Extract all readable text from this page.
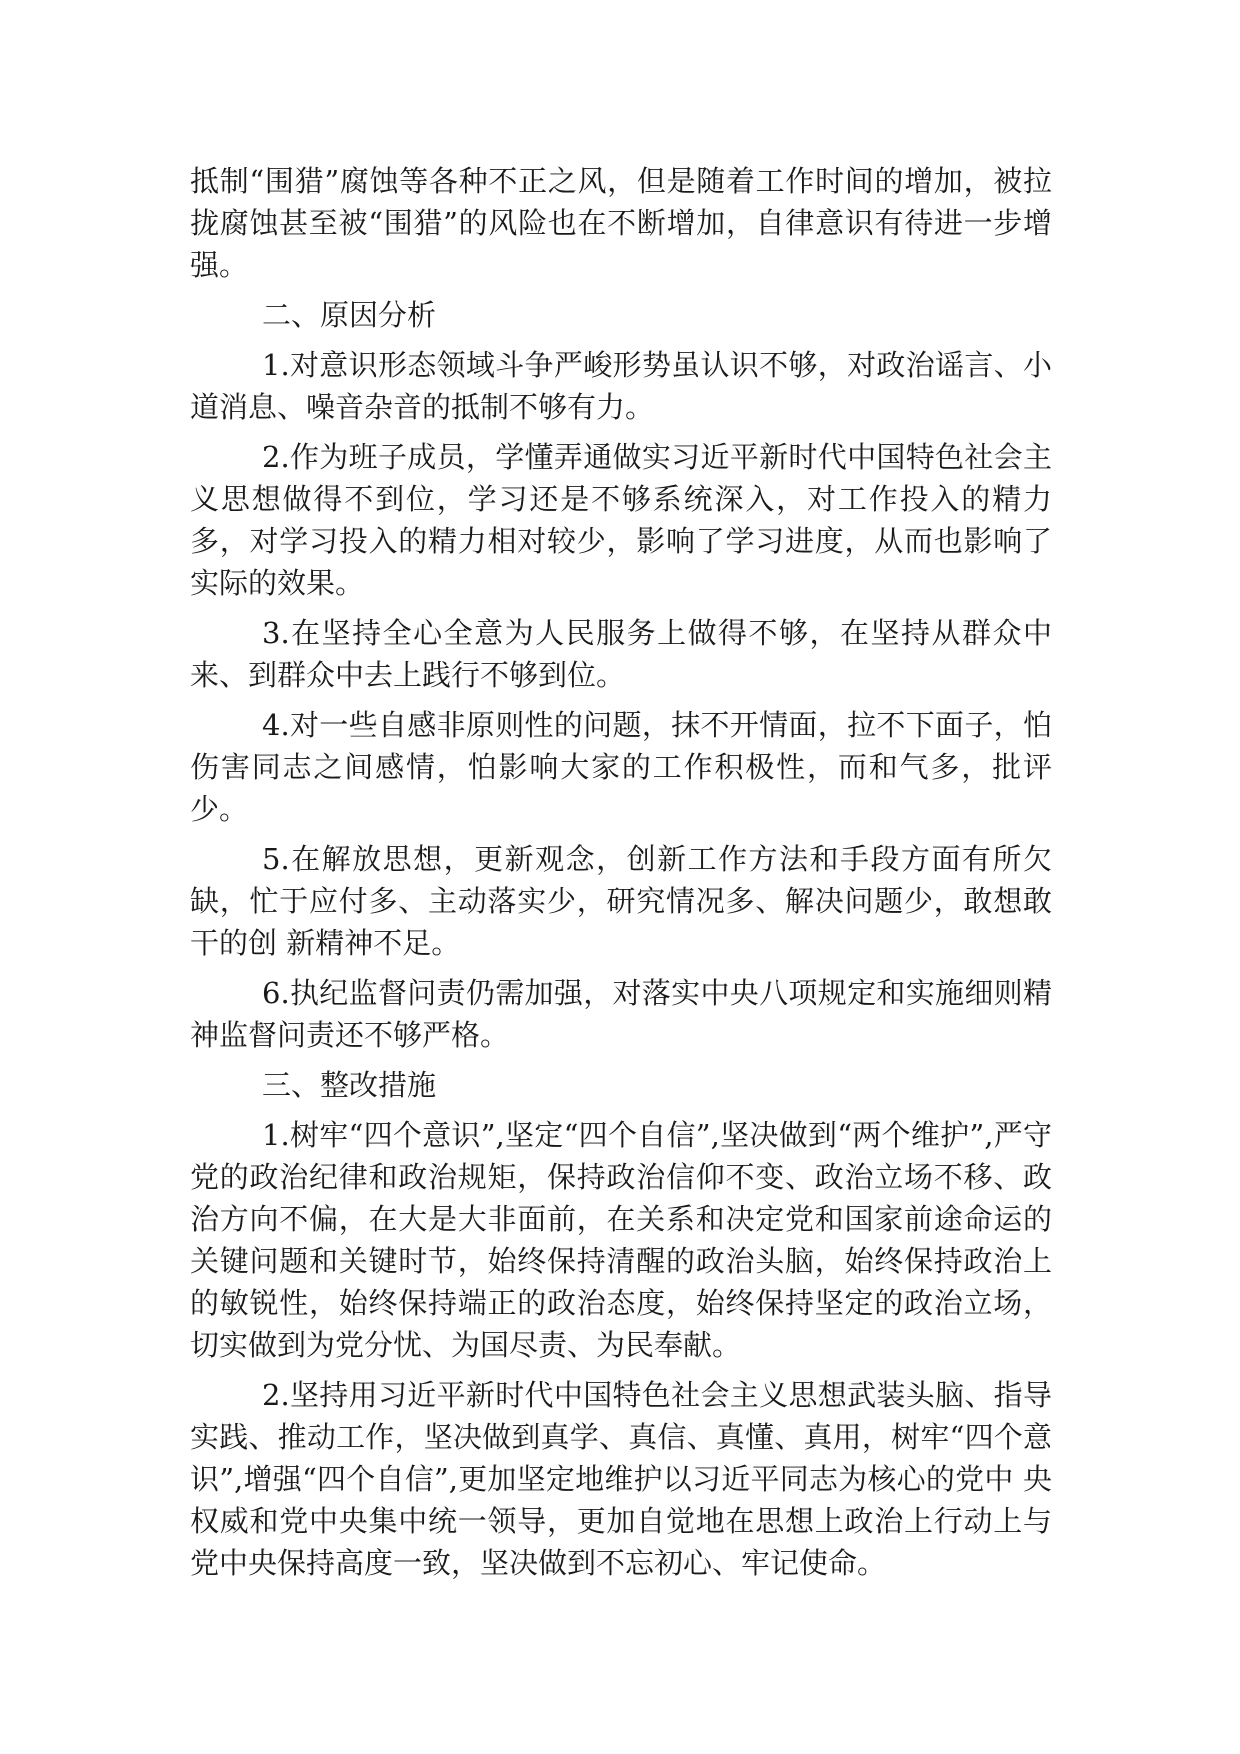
抵制“围猎”腐蚀等各种不正之风，但是随着工作时间的增加，被拉拢腐蚀甚至被“围猎”的风险也在不断增加，自律意识有待进一步增强。

二、原因分析

1.对意识形态领域斗争严峻形势虽认识不够，对政治谣言、小道消息、噪音杂音的抵制不够有力。

2.作为班子成员，学懂弄通做实习近平新时代中国特色社会主义思想做得不到位，学习还是不够系统深入，对工作投入的精力多，对学习投入的精力相对较少，影响了学习进度，从而也影响了实际的效果。

3.在坚持全心全意为人民服务上做得不够，在坚持从群众中来、到群众中去上践行不够到位。

4.对一些自感非原则性的问题，抹不开情面，拉不下面子，怕伤害同志之间感情，怕影响大家的工作积极性，而和气多，批评少。

5.在解放思想，更新观念，创新工作方法和手段方面有所欠缺，忙于应付多、主动落实少，研究情况多、解决问题少，敢想敢干的创 新精神不足。

6.执纪监督问责仍需加强，对落实中央八项规定和实施细则精 神监督问责还不够严格。

三、整改措施

1.树牢“四个意识”,坚定“四个自信”,坚决做到“两个维护”,严守党的政治纪律和政治规矩，保持政治信仰不变、政治立场不移、政治方向不偏，在大是大非面前，在关系和决定党和国家前途命运的关键问题和关键时节，始终保持清醒的政治头脑，始终保持政治上的敏锐性，始终保持端正的政治态度，始终保持坚定的政治立场，切实做到为党分忧、为国尽责、为民奉献。

2.坚持用习近平新时代中国特色社会主义思想武装头脑、指导实践、推动工作，坚决做到真学、真信、真懂、真用，树牢“四个意识”,增强“四个自信”,更加坚定地维护以习近平同志为核心的党中 央权威和党中央集中统一领导，更加自觉地在思想上政治上行动上与 党中央保持高度一致，坚决做到不忘初心、牢记使命。
